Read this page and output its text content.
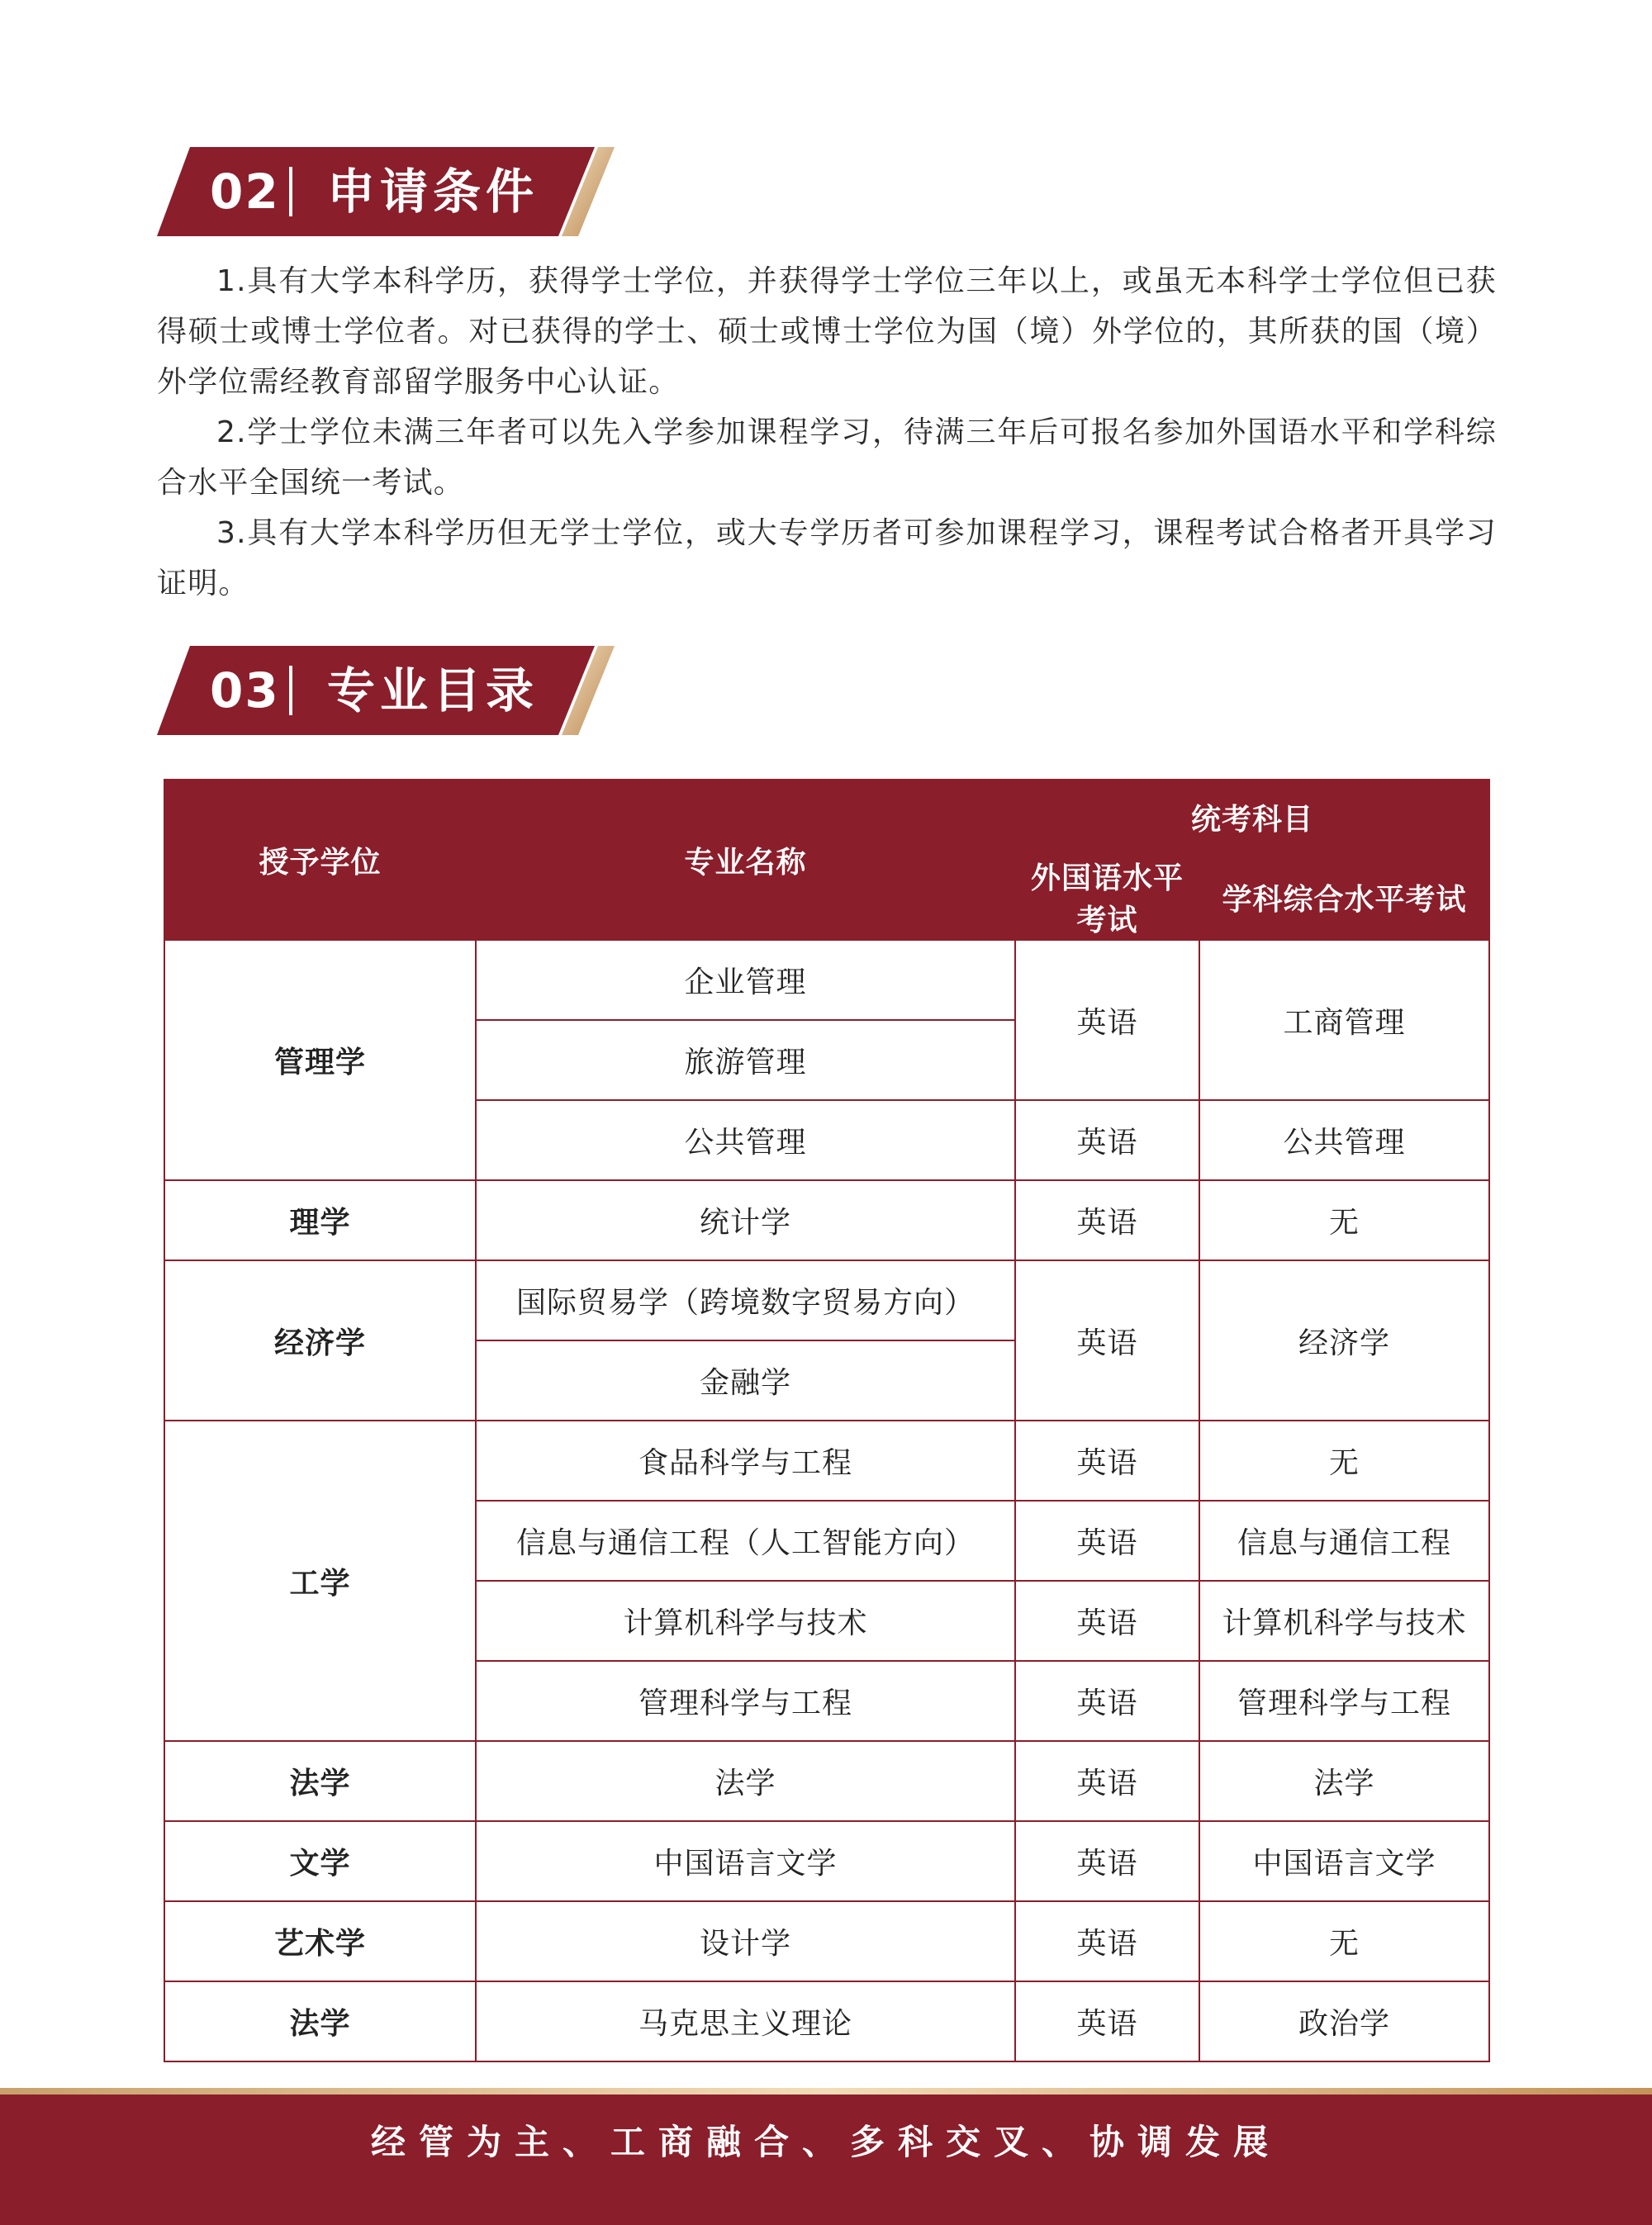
02 申请条件

1.具有大学本科学历，获得学士学位，并获得学士学位三年以上，或虽无本科学士学位但已获得硕士或博士学位者。对已获得的学士、硕士或博士学位为国（境）外学位的，其所获的国（境）外学位需经教育部留学服务中心认证。

2.学士学位未满三年者可以先入学参加课程学习，待满三年后可报名参加外国语水平和学科综合水平全国统一考试。

3.具有大学本科学历但无学士学位，或大专学历者可参加课程学习，课程考试合格者开具学习证明。

03 专业目录
授予学位	专业名称	统考科目	
		外国语水平考试	学科综合水平考试
管理学	企业管理	英语	工商管理
	旅游管理		
	公共管理	英语	公共管理
理学	统计学	英语	无
经济学	国际贸易学（跨境数字贸易方向）	英语	经济学
	金融学		
工学	食品科学与工程	英语	无
	信息与通信工程（人工智能方向）	英语	信息与通信工程
	计算机科学与技术	英语	计算机科学与技术
	管理科学与工程	英语	管理科学与工程
法学	法学	英语	法学
文学	中国语言文学	英语	中国语言文学
艺术学	设计学	英语	无
法学	马克思主义理论	英语	政治学
经管为主、工商融合、多科交叉、协调发展
